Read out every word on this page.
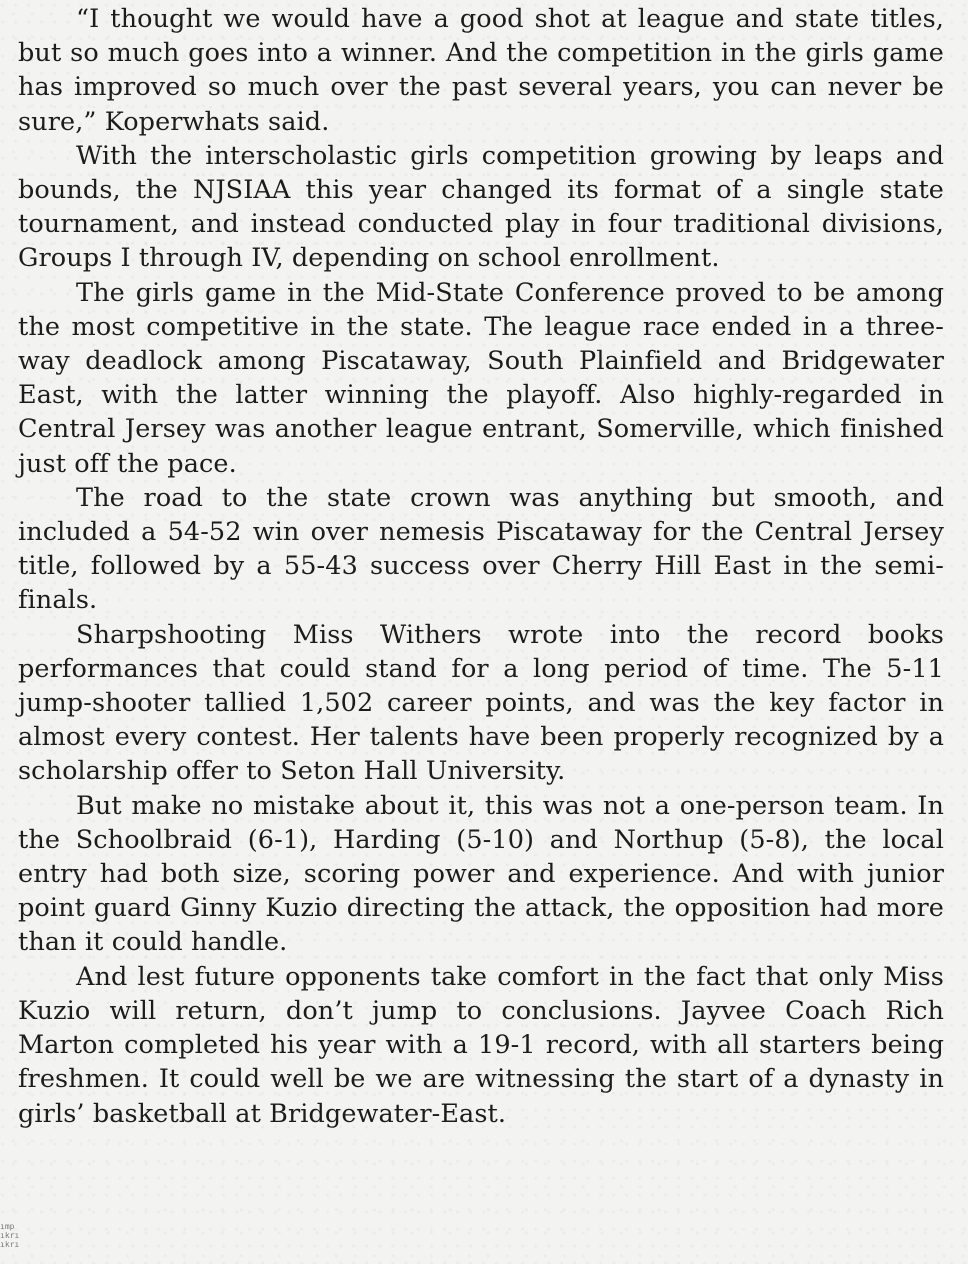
“I thought we would have a good shot at league and state titles, but so much goes into a winner. And the competition in the girls game has improved so much over the past several years, you can never be sure,” Koperwhats said.

With the interscholastic girls competition growing by leaps and bounds, the NJSIAA this year changed its format of a single state tournament, and instead conducted play in four traditional divisions, Groups I through IV, depending on school enrollment.

The girls game in the Mid-State Conference proved to be among the most competitive in the state. The league race ended in a three-way deadlock among Piscataway, South Plainfield and Bridgewater East, with the latter winning the playoff. Also highly-regarded in Central Jersey was another league entrant, Somerville, which finished just off the pace.

The road to the state crown was anything but smooth, and included a 54-52 win over nemesis Piscataway for the Central Jersey title, followed by a 55-43 success over Cherry Hill East in the semi-finals.

Sharpshooting Miss Withers wrote into the record books performances that could stand for a long period of time. The 5-11 jump-shooter tallied 1,502 career points, and was the key factor in almost every contest. Her talents have been properly recognized by a scholarship offer to Seton Hall University.

But make no mistake about it, this was not a one-person team. In the Schoolbraid (6-1), Harding (5-10) and Northup (5-8), the local entry had both size, scoring power and experience. And with junior point guard Ginny Kuzio directing the attack, the opposition had more than it could handle.

And lest future opponents take comfort in the fact that only Miss Kuzio will return, don’t jump to conclusions. Jayvee Coach Rich Marton completed his year with a 19-1 record, with all starters being freshmen. It could well be we are witnessing the start of a dynasty in girls’ basketball at Bridgewater-East.

ımp
ıkrı
ıkrı
